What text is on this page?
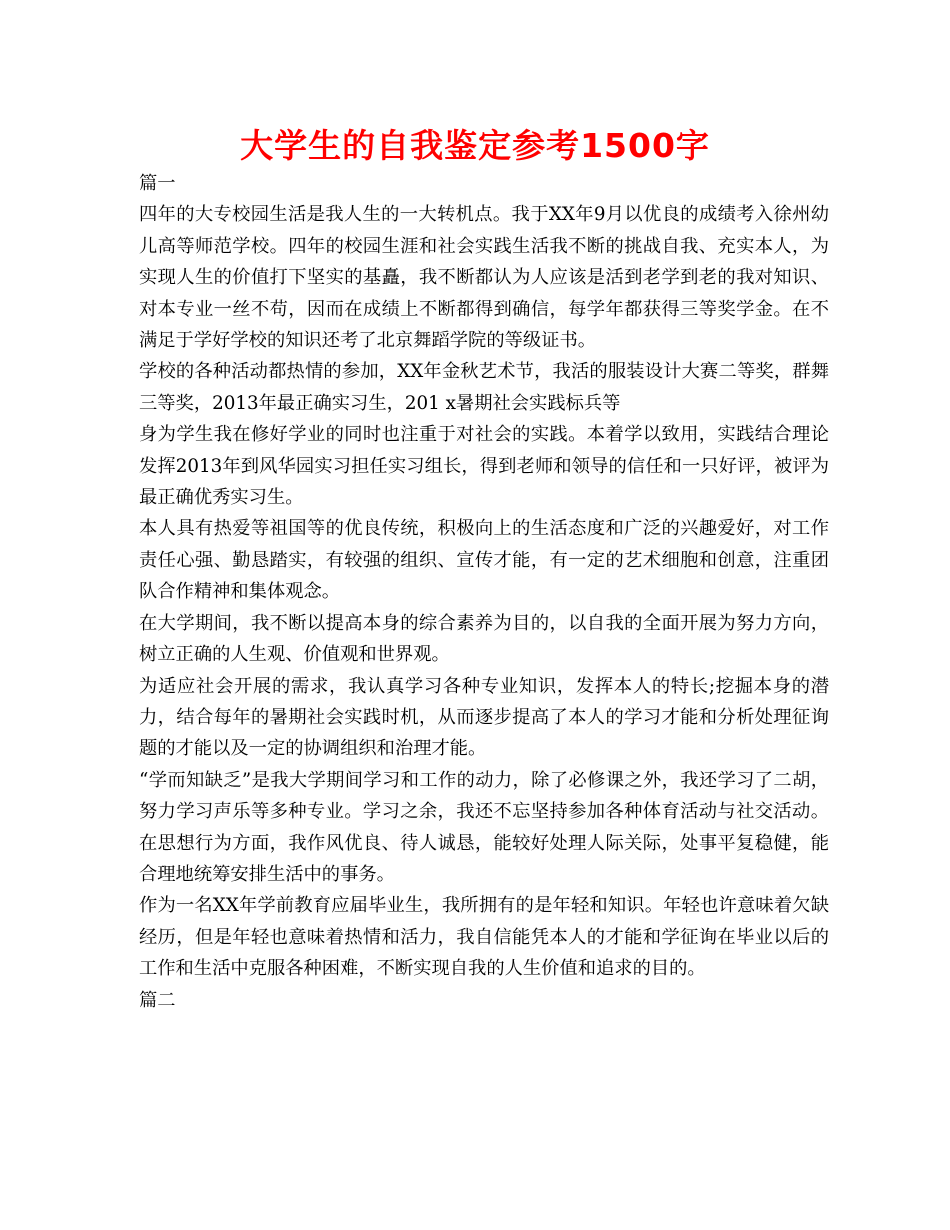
大学生的自我鉴定参考1500字

篇一

四年的大专校园生活是我人生的一大转机点。我于XX年9月以优良的成绩考入徐州幼儿高等师范学校。四年的校园生涯和社会实践生活我不断的挑战自我、充实本人，为实现人生的价值打下坚实的基矗，我不断都认为人应该是活到老学到老的我对知识、对本专业一丝不苟，因而在成绩上不断都得到确信，每学年都获得三等奖学金。在不满足于学好学校的知识还考了北京舞蹈学院的等级证书。

学校的各种活动都热情的参加，XX年金秋艺术节，我活的服装设计大赛二等奖，群舞三等奖，2013年最正确实习生，201 x暑期社会实践标兵等

身为学生我在修好学业的同时也注重于对社会的实践。本着学以致用，实践结合理论发挥2013年到风华园实习担任实习组长，得到老师和领导的信任和一只好评，被评为最正确优秀实习生。

本人具有热爱等祖国等的优良传统，积极向上的生活态度和广泛的兴趣爱好，对工作责任心强、勤恳踏实，有较强的组织、宣传才能，有一定的艺术细胞和创意，注重团队合作精神和集体观念。

在大学期间，我不断以提高本身的综合素养为目的，以自我的全面开展为努力方向，树立正确的人生观、价值观和世界观。

为适应社会开展的需求，我认真学习各种专业知识，发挥本人的特长;挖掘本身的潜力，结合每年的暑期社会实践时机，从而逐步提高了本人的学习才能和分析处理征询题的才能以及一定的协调组织和治理才能。

“学而知缺乏”是我大学期间学习和工作的动力，除了必修课之外，我还学习了二胡，努力学习声乐等多种专业。学习之余，我还不忘坚持参加各种体育活动与社交活动。在思想行为方面，我作风优良、待人诚恳，能较好处理人际关际，处事平复稳健，能合理地统筹安排生活中的事务。

作为一名XX年学前教育应届毕业生，我所拥有的是年轻和知识。年轻也许意味着欠缺经历，但是年轻也意味着热情和活力，我自信能凭本人的才能和学征询在毕业以后的工作和生活中克服各种困难，不断实现自我的人生价值和追求的目的。

篇二
